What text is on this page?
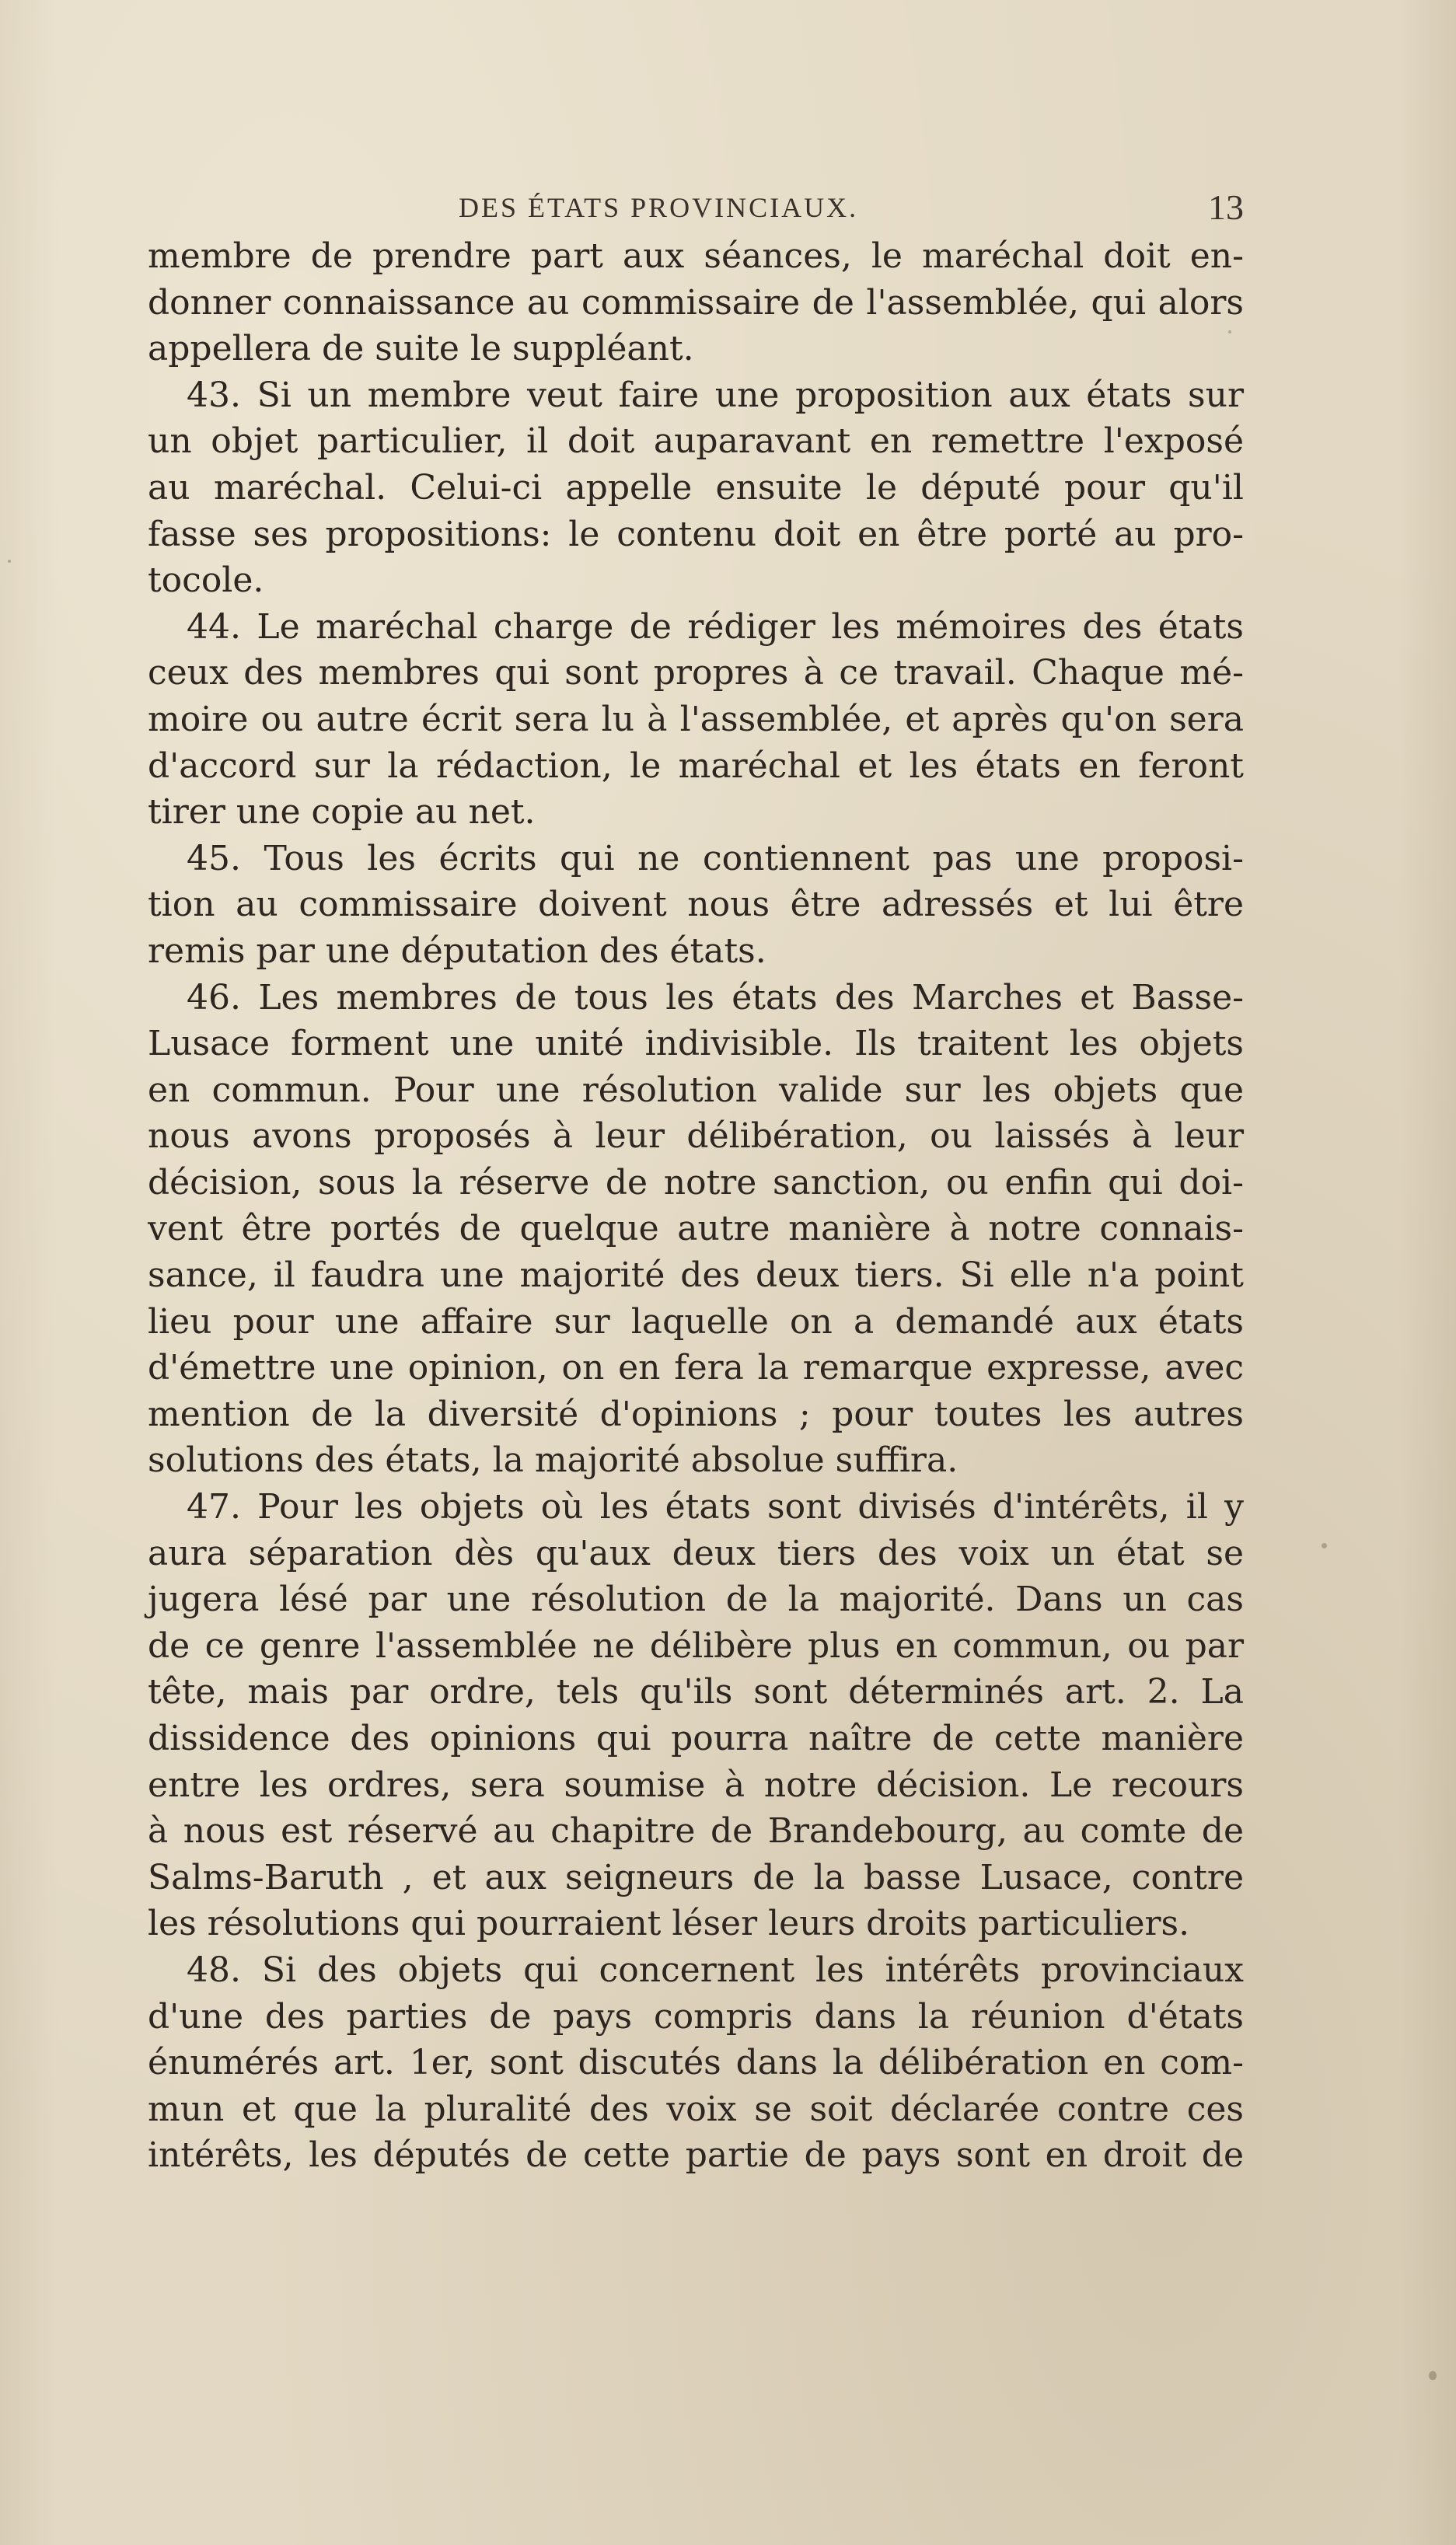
DES ÉTATS PROVINCIAUX.	13
membre de prendre part aux séances, le maréchal doit en-
donner connaissance au commissaire de l'assemblée, qui alors
appellera de suite le suppléant.
43. Si un membre veut faire une proposition aux états sur
un objet particulier, il doit auparavant en remettre l'exposé
au maréchal. Celui-ci appelle ensuite le député pour qu'il
fasse ses propositions: le contenu doit en être porté au pro-
tocole.
44. Le maréchal charge de rédiger les mémoires des états
ceux des membres qui sont propres à ce travail. Chaque mé-
moire ou autre écrit sera lu à l'assemblée, et après qu'on sera
d'accord sur la rédaction, le maréchal et les états en feront
tirer une copie au net.
45. Tous les écrits qui ne contiennent pas une proposi-
tion au commissaire doivent nous être adressés et lui être
remis par une députation des états.
46. Les membres de tous les états des Marches et Basse-
Lusace forment une unité indivisible. Ils traitent les objets
en commun. Pour une résolution valide sur les objets que
nous avons proposés à leur délibération, ou laissés à leur
décision, sous la réserve de notre sanction, ou enfin qui doi-
vent être portés de quelque autre manière à notre connais-
sance, il faudra une majorité des deux tiers. Si elle n'a point
lieu pour une affaire sur laquelle on a demandé aux états
d'émettre une opinion, on en fera la remarque expresse, avec
mention de la diversité d'opinions ; pour toutes les autres
solutions des états, la majorité absolue suffira.
47. Pour les objets où les états sont divisés d'intérêts, il y
aura séparation dès qu'aux deux tiers des voix un état se
jugera lésé par une résolution de la majorité. Dans un cas
de ce genre l'assemblée ne délibère plus en commun, ou par
tête, mais par ordre, tels qu'ils sont déterminés art. 2. La
dissidence des opinions qui pourra naître de cette manière
entre les ordres, sera soumise à notre décision. Le recours
à nous est réservé au chapitre de Brandebourg, au comte de
Salms-Baruth , et aux seigneurs de la basse Lusace, contre
les résolutions qui pourraient léser leurs droits particuliers.
48. Si des objets qui concernent les intérêts provinciaux
d'une des parties de pays compris dans la réunion d'états
énumérés art. 1er, sont discutés dans la délibération en com-
mun et que la pluralité des voix se soit déclarée contre ces
intérêts, les députés de cette partie de pays sont en droit de
